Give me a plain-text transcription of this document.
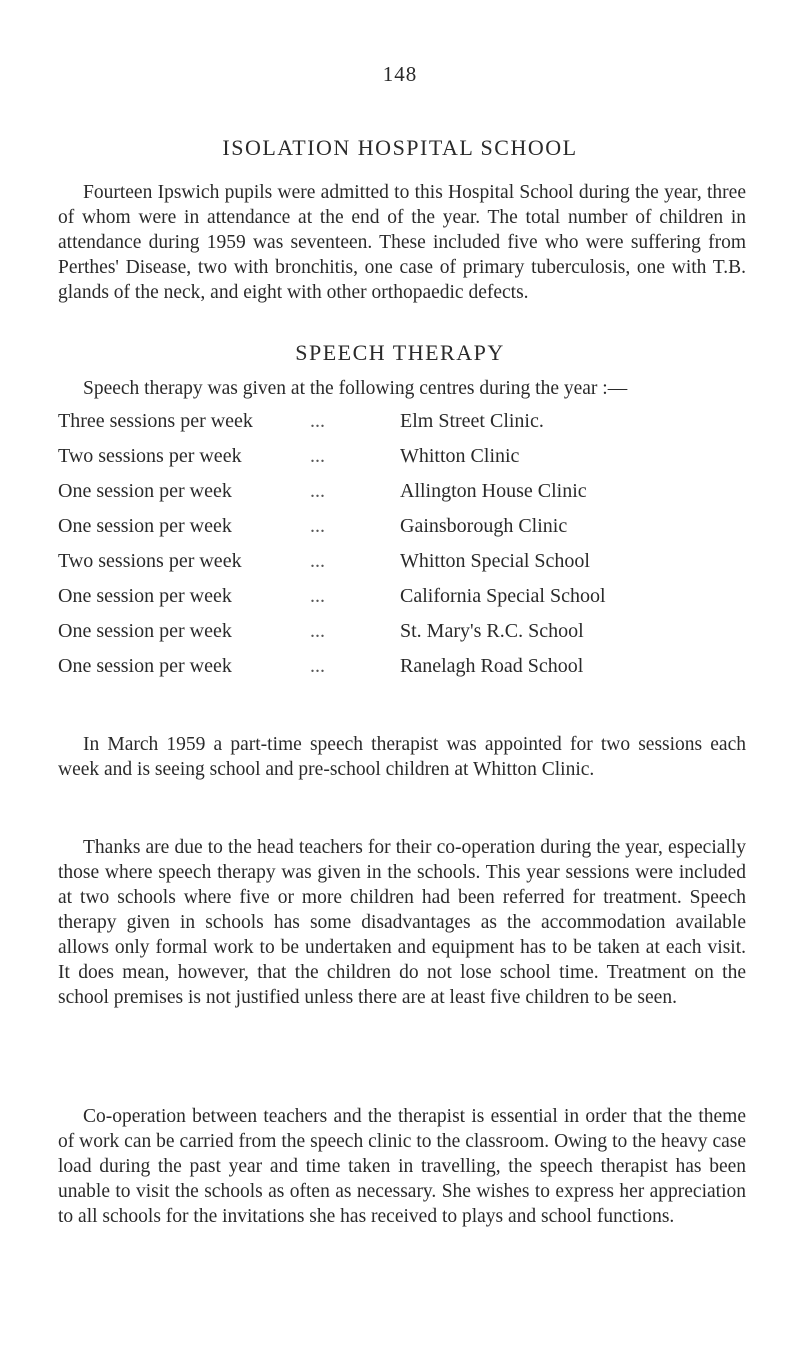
148
ISOLATION HOSPITAL SCHOOL
Fourteen Ipswich pupils were admitted to this Hospital School during the year, three of whom were in attendance at the end of the year. The total number of children in attendance during 1959 was seventeen. These included five who were suffering from Perthes' Disease, two with bronchitis, one case of primary tuberculosis, one with T.B. glands of the neck, and eight with other orthopaedic defects.
SPEECH THERAPY
Speech therapy was given at the following centres during the year :—
Three sessions per week	...	Elm Street Clinic.
Two sessions per week	...	Whitton Clinic
One session per week	...	Allington House Clinic
One session per week	...	Gainsborough Clinic
Two sessions per week	...	Whitton Special School
One session per week	...	California Special School
One session per week	...	St. Mary's R.C. School
One session per week	...	Ranelagh Road School
In March 1959 a part-time speech therapist was appointed for two sessions each week and is seeing school and pre-school children at Whitton Clinic.
Thanks are due to the head teachers for their co-operation during the year, especially those where speech therapy was given in the schools. This year sessions were included at two schools where five or more children had been referred for treatment. Speech therapy given in schools has some disadvantages as the accommodation available allows only formal work to be undertaken and equipment has to be taken at each visit. It does mean, however, that the children do not lose school time. Treatment on the school premises is not justified unless there are at least five children to be seen.
Co-operation between teachers and the therapist is essential in order that the theme of work can be carried from the speech clinic to the classroom. Owing to the heavy case load during the past year and time taken in travelling, the speech therapist has been unable to visit the schools as often as necessary. She wishes to express her appreciation to all schools for the invitations she has received to plays and school functions.
